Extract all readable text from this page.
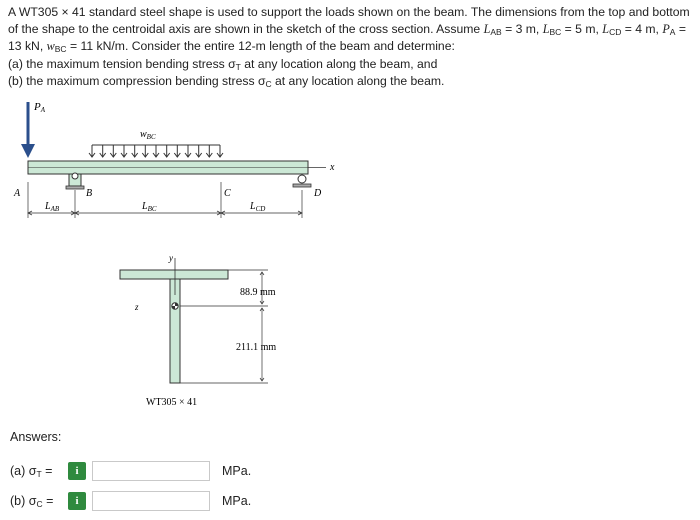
A WT305 × 41 standard steel shape is used to support the loads shown on the beam. The dimensions from the top and bottom of the shape to the centroidal axis are shown in the sketch of the cross section. Assume LAB = 3 m, LBC = 5 m, LCD = 4 m, PA = 13 kN, wBC = 11 kN/m. Consider the entire 12-m length of the beam and determine:

(a) the maximum tension bending stress σT at any location along the beam, and

(b) the maximum compression bending stress σC at any location along the beam.

PA
$w_{BC}$
x
A	B	C	D
$L_{AB}$	$L_{BC}$	$L_{CD}$
y
z
88.9 mm
211.1 mm
WT305 × 41
Answers:
(a) σT =	i	MPa.
(b) σC =	i	MPa.
